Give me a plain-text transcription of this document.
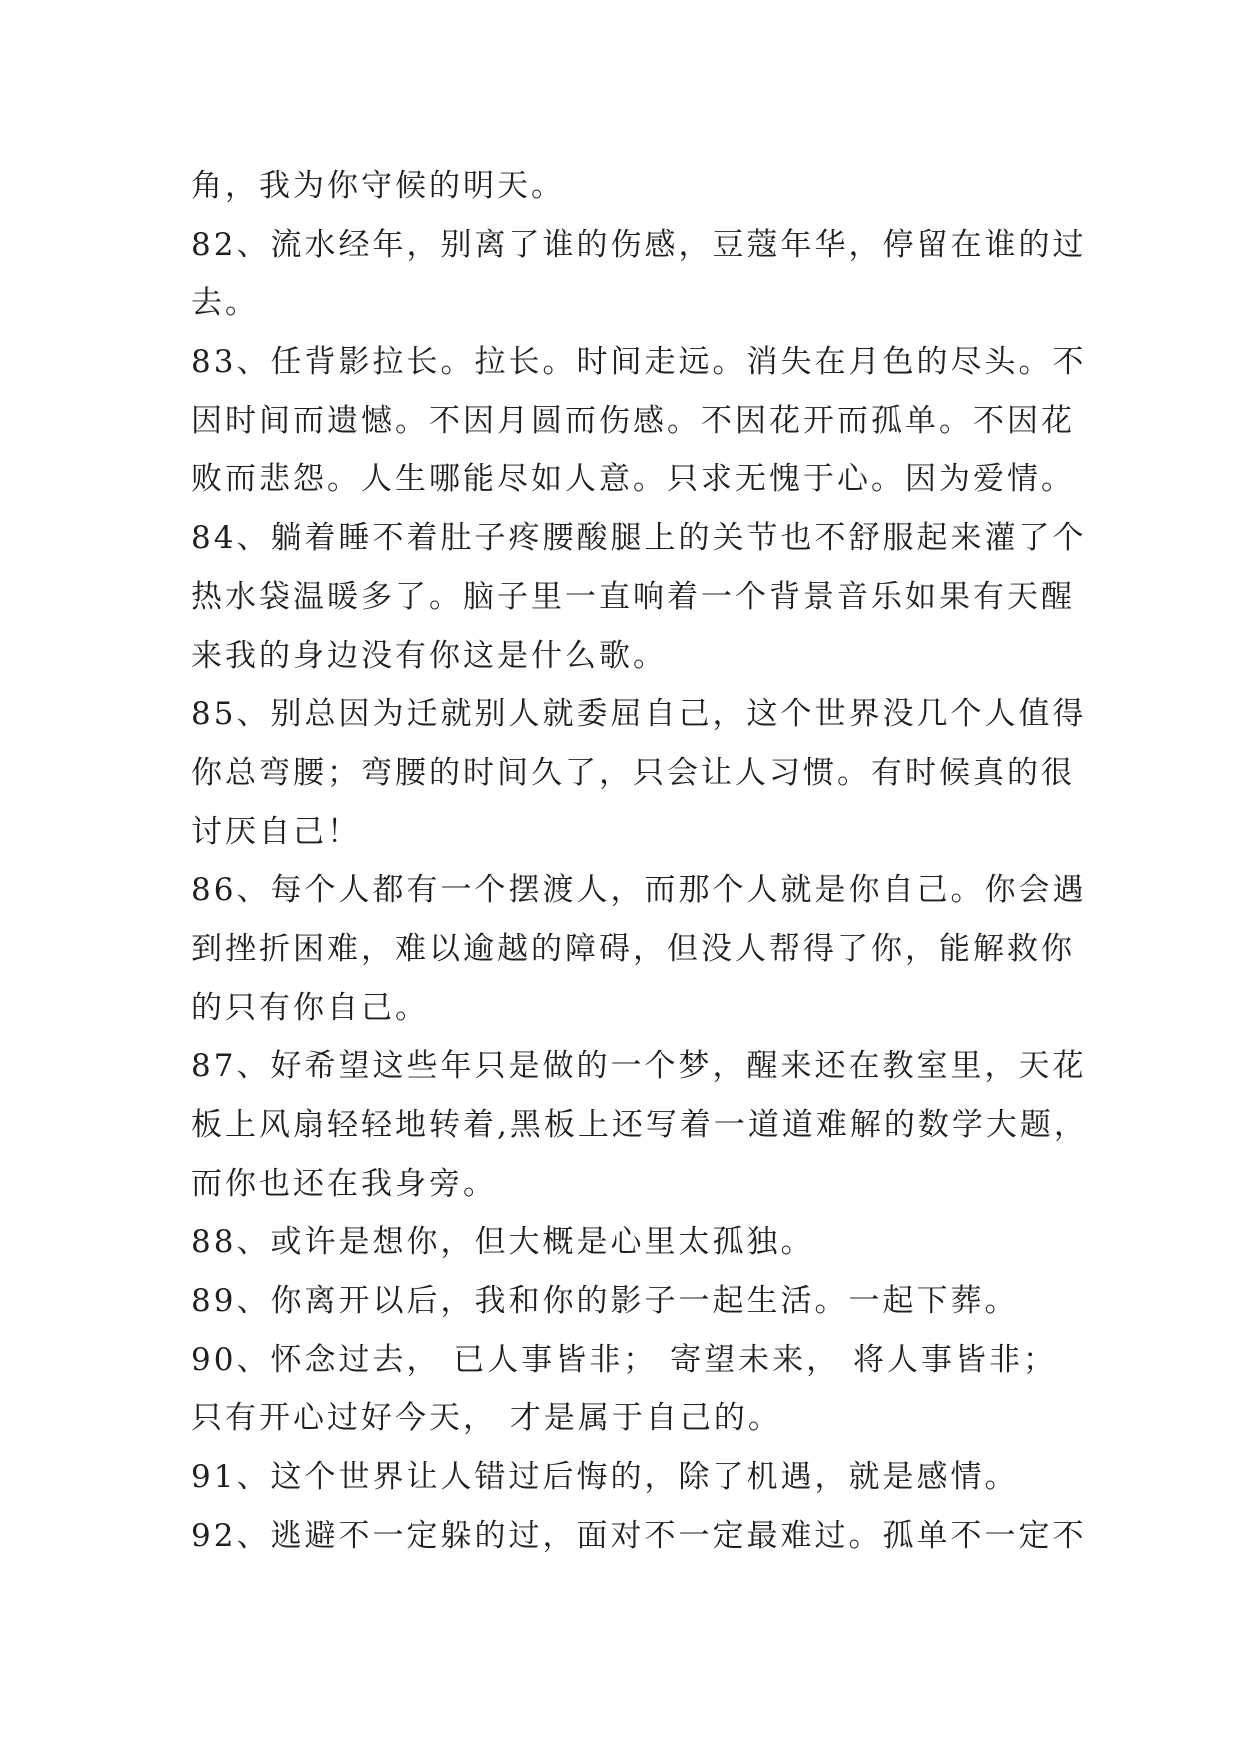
角，我为你守候的明天。
82、流水经年，别离了谁的伤感，豆蔻年华，停留在谁的过
去。
83、任背影拉长。拉长。时间走远。消失在月色的尽头。不
因时间而遗憾。不因月圆而伤感。不因花开而孤单。不因花
败而悲怨。人生哪能尽如人意。只求无愧于心。因为爱情。
84、躺着睡不着肚子疼腰酸腿上的关节也不舒服起来灌了个
热水袋温暖多了。脑子里一直响着一个背景音乐如果有天醒
来我的身边没有你这是什么歌。
85、别总因为迁就别人就委屈自己，这个世界没几个人值得
你总弯腰；弯腰的时间久了，只会让人习惯。有时候真的很
讨厌自己！
86、每个人都有一个摆渡人，而那个人就是你自己。你会遇
到挫折困难，难以逾越的障碍，但没人帮得了你，能解救你
的只有你自己。
87、好希望这些年只是做的一个梦，醒来还在教室里，天花
板上风扇轻轻地转着,黑板上还写着一道道难解的数学大题，
而你也还在我身旁。
88、或许是想你，但大概是心里太孤独。
89、你离开以后，我和你的影子一起生活。一起下葬。
90、怀念过去， 已人事皆非； 寄望未来， 将人事皆非；
只有开心过好今天， 才是属于自己的。
91、这个世界让人错过后悔的，除了机遇，就是感情。
92、逃避不一定躲的过，面对不一定最难过。孤单不一定不
